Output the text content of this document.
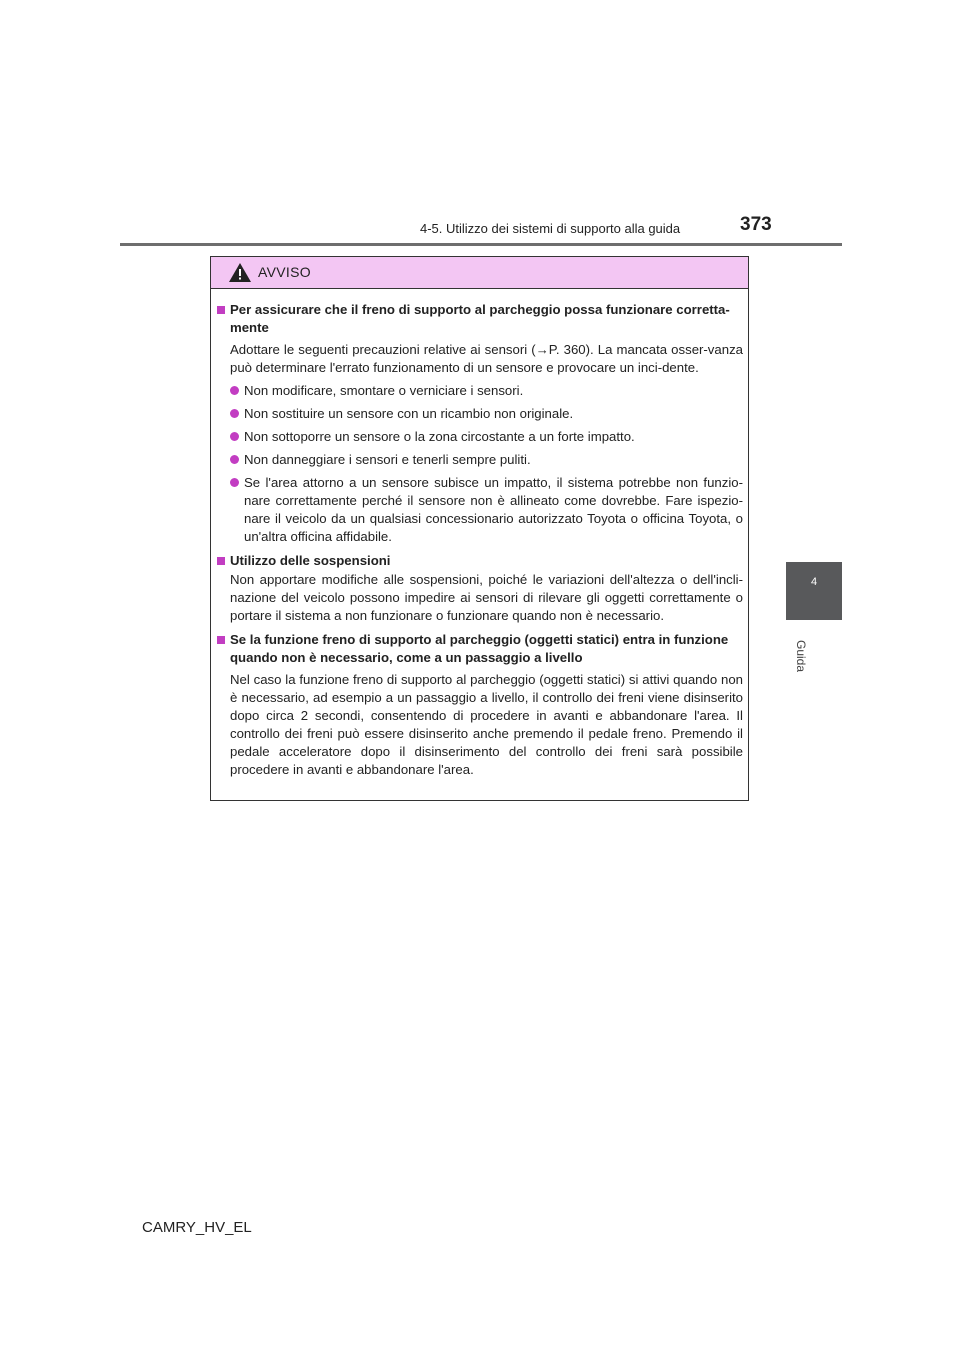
4-5. Utilizzo dei sistemi di supporto alla guida	373
4
Guida
AVVISO
Per assicurare che il freno di supporto al parcheggio possa funzionare corretta-mente
Adottare le seguenti precauzioni relative ai sensori (→P. 360). La mancata osser-vanza può determinare l'errato funzionamento di un sensore e provocare un inci-dente.
Non modificare, smontare o verniciare i sensori.
Non sostituire un sensore con un ricambio non originale.
Non sottoporre un sensore o la zona circostante a un forte impatto.
Non danneggiare i sensori e tenerli sempre puliti.
Se l'area attorno a un sensore subisce un impatto, il sistema potrebbe non funzio-nare correttamente perché il sensore non è allineato come dovrebbe. Fare ispezio-nare il veicolo da un qualsiasi concessionario autorizzato Toyota o officina Toyota, o un'altra officina affidabile.
Utilizzo delle sospensioni
Non apportare modifiche alle sospensioni, poiché le variazioni dell'altezza o dell'incli-nazione del veicolo possono impedire ai sensori di rilevare gli oggetti correttamente o portare il sistema a non funzionare o funzionare quando non è necessario.
Se la funzione freno di supporto al parcheggio (oggetti statici) entra in funzione quando non è necessario, come a un passaggio a livello
Nel caso la funzione freno di supporto al parcheggio (oggetti statici) si attivi quando non è necessario, ad esempio a un passaggio a livello, il controllo dei freni viene disinserito dopo circa 2 secondi, consentendo di procedere in avanti e abbandonare l'area. Il controllo dei freni può essere disinserito anche premendo il pedale freno. Premendo il pedale acceleratore dopo il disinserimento del controllo dei freni sarà possibile procedere in avanti e abbandonare l'area.
CAMRY_HV_EL
